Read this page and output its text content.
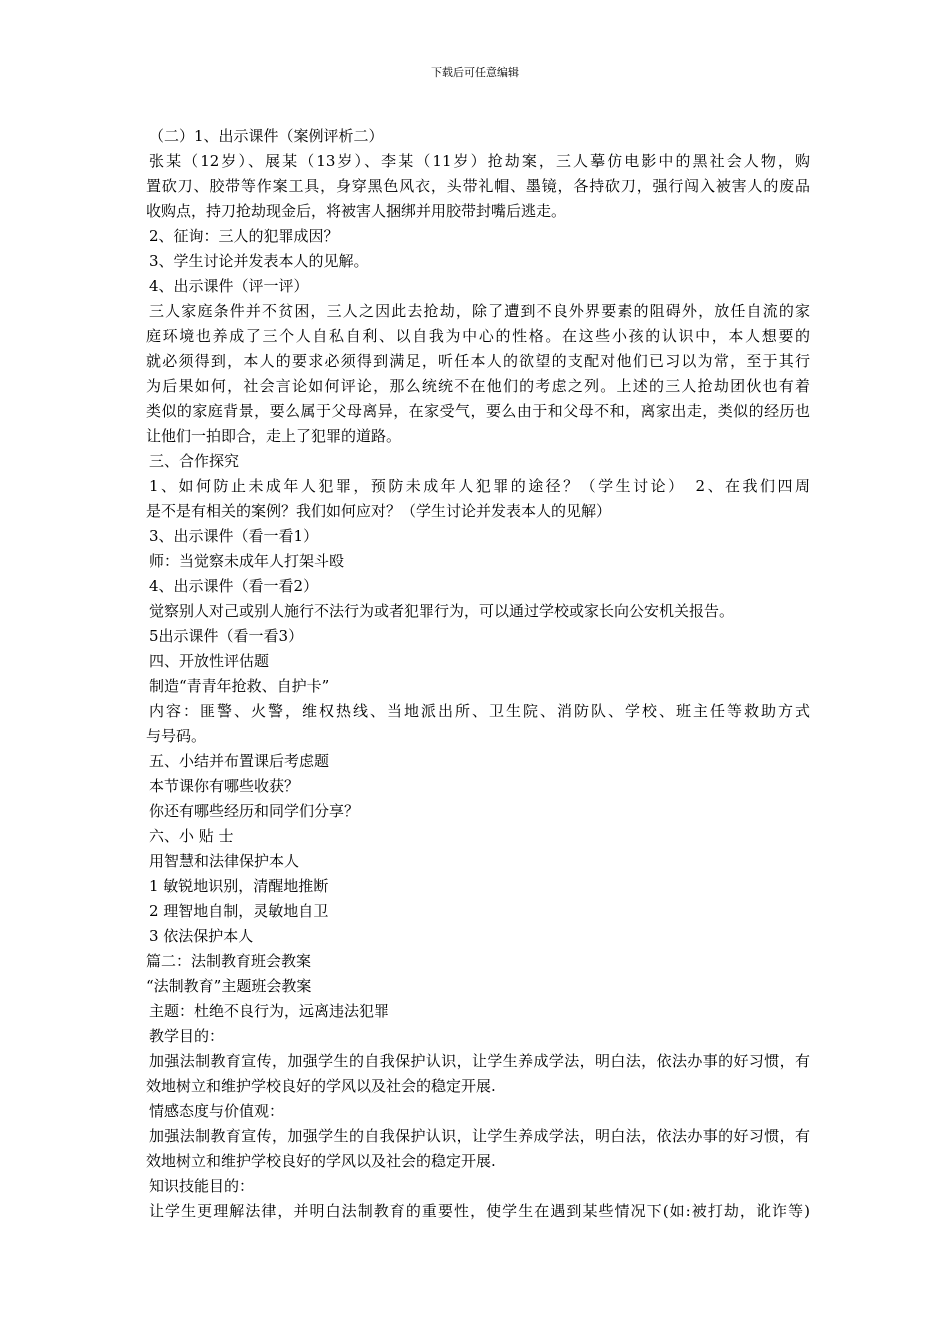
下载后可任意编辑
（二）1、出示课件（案例评析二）
张某（12岁）、展某（13岁）、李某（11岁）抢劫案，三人摹仿电影中的黑社会人物，购
置砍刀、胶带等作案工具，身穿黑色风衣，头带礼帽、墨镜，各持砍刀，强行闯入被害人的废品
收购点，持刀抢劫现金后，将被害人捆绑并用胶带封嘴后逃走。
2、征询：三人的犯罪成因？
3、学生讨论并发表本人的见解。
4、出示课件（评一评）
三人家庭条件并不贫困，三人之因此去抢劫，除了遭到不良外界要素的阻碍外，放任自流的家
庭环境也养成了三个人自私自利、以自我为中心的性格。在这些小孩的认识中，本人想要的
就必须得到，本人的要求必须得到满足，听任本人的欲望的支配对他们已习以为常，至于其行
为后果如何，社会言论如何评论，那么统统不在他们的考虑之列。上述的三人抢劫团伙也有着
类似的家庭背景，要么属于父母离异，在家受气，要么由于和父母不和，离家出走，类似的经历也
让他们一拍即合，走上了犯罪的道路。
三、合作探究
1、如何防止未成年人犯罪，预防未成年人犯罪的途径？（学生讨论）　2、在我们四周
是不是有相关的案例？我们如何应对？（学生讨论并发表本人的见解）
3、出示课件（看一看1）
师：当觉察未成年人打架斗殴
4、出示课件（看一看2）
觉察别人对己或别人施行不法行为或者犯罪行为，可以通过学校或家长向公安机关报告。
5出示课件（看一看3）
四、开放性评估题
制造“青青年抢救、自护卡”
内容：匪警、火警，维权热线、当地派出所、卫生院、消防队、学校、班主任等救助方式
与号码。
五、小结并布置课后考虑题
本节课你有哪些收获？
你还有哪些经历和同学们分享？
六、小 贴 士
用智慧和法律保护本人
1 敏锐地识别，清醒地推断
2 理智地自制，灵敏地自卫
3 依法保护本人
篇二：法制教育班会教案
“法制教育”主题班会教案
主题：杜绝不良行为，远离违法犯罪
教学目的：
加强法制教育宣传，加强学生的自我保护认识，让学生养成学法，明白法，依法办事的好习惯，有
效地树立和维护学校良好的学风以及社会的稳定开展.
情感态度与价值观：
加强法制教育宣传，加强学生的自我保护认识，让学生养成学法，明白法，依法办事的好习惯，有
效地树立和维护学校良好的学风以及社会的稳定开展.
知识技能目的：
让学生更理解法律，并明白法制教育的重要性，使学生在遇到某些情况下(如:被打劫，讹诈等)
